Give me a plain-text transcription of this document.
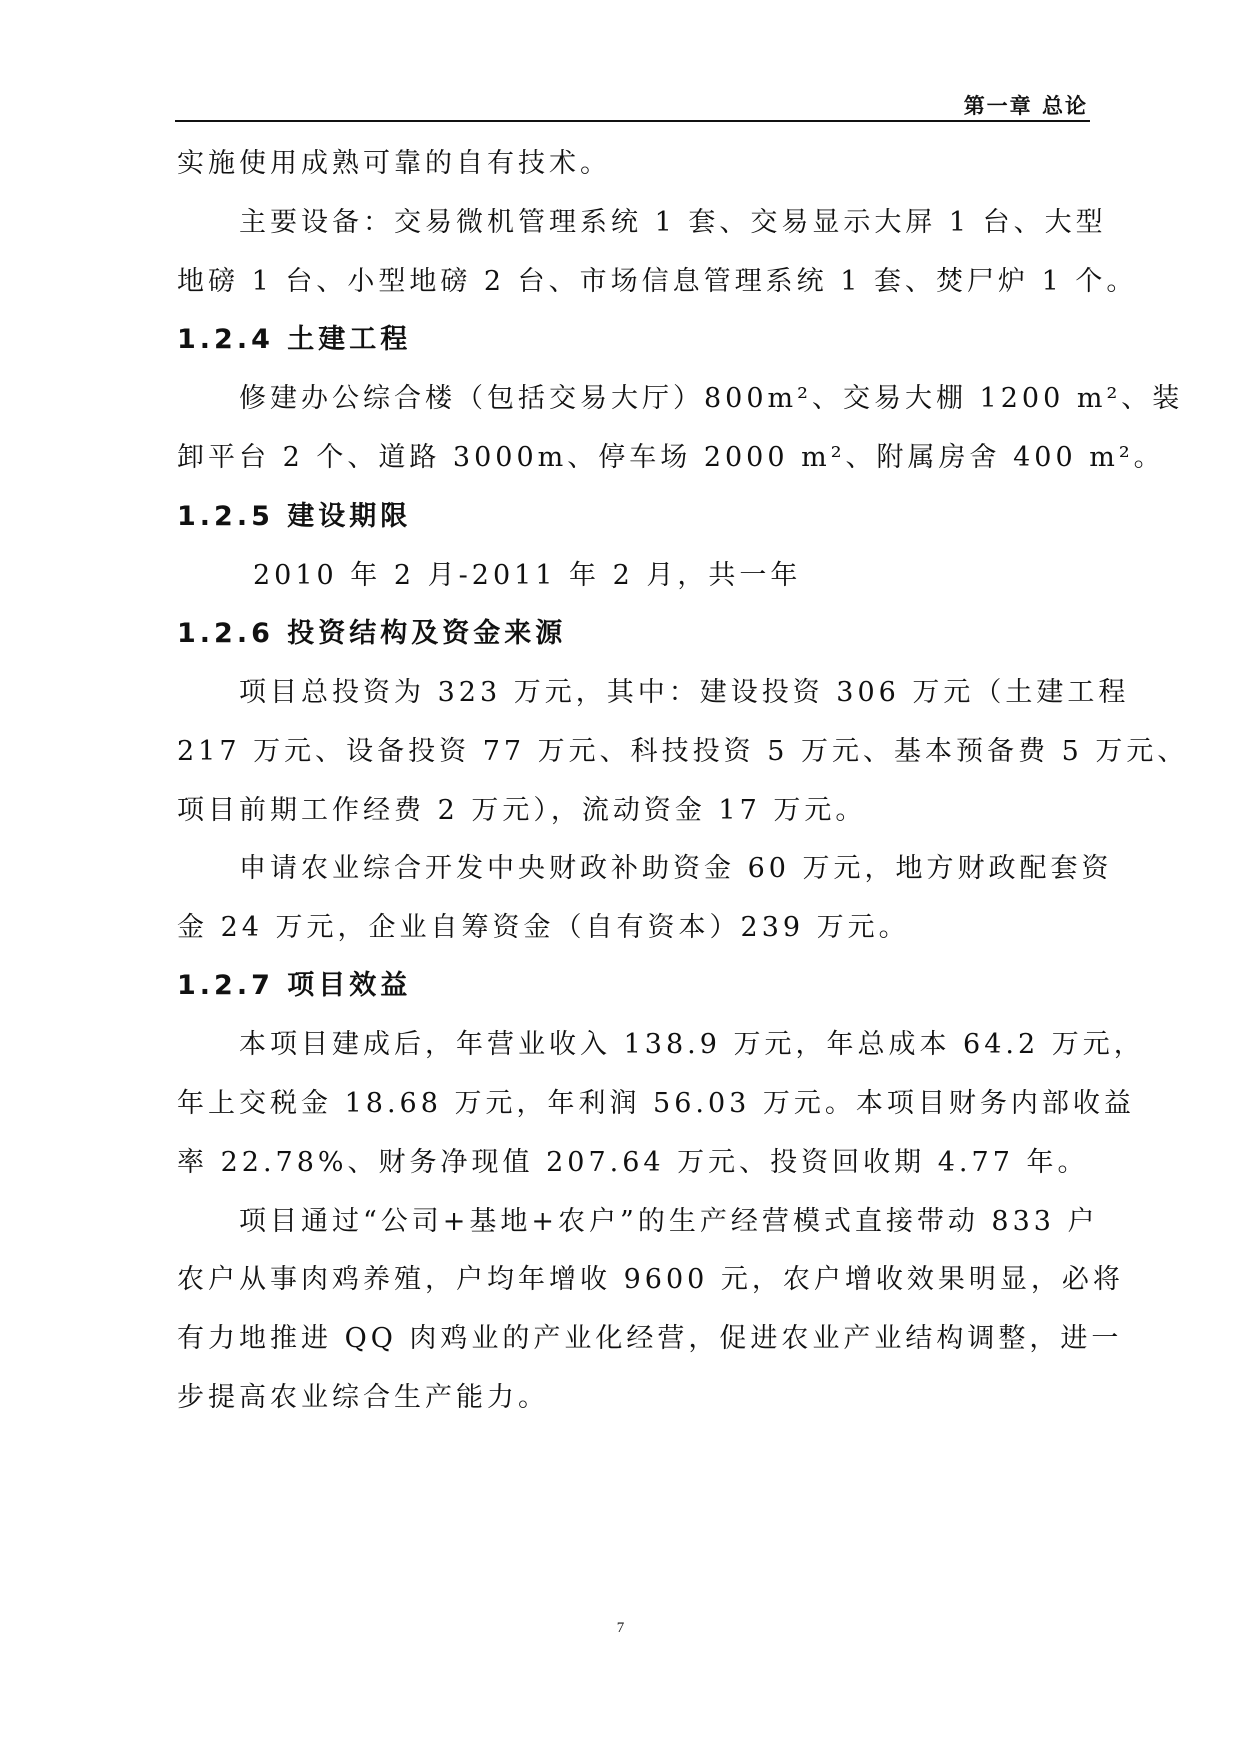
第一章 总论
实施使用成熟可靠的自有技术。
主要设备：交易微机管理系统 1 套、交易显示大屏 1 台、大型
地磅 1 台、小型地磅 2 台、市场信息管理系统 1 套、焚尸炉 1 个。
1.2.4 土建工程
修建办公综合楼（包括交易大厅）800m²、交易大棚 1200 m²、装
卸平台 2 个、道路 3000m、停车场 2000 m²、附属房舍 400 m²。
1.2.5 建设期限
2010 年 2 月-2011 年 2 月，共一年
1.2.6 投资结构及资金来源
项目总投资为 323 万元，其中：建设投资 306 万元（土建工程
217 万元、设备投资 77 万元、科技投资 5 万元、基本预备费 5 万元、
项目前期工作经费 2 万元），流动资金 17 万元。
申请农业综合开发中央财政补助资金 60 万元，地方财政配套资
金 24 万元，企业自筹资金（自有资本）239 万元。
1.2.7 项目效益
本项目建成后，年营业收入 138.9 万元，年总成本 64.2 万元，
年上交税金 18.68 万元，年利润 56.03 万元。本项目财务内部收益
率 22.78%、财务净现值 207.64 万元、投资回收期 4.77 年。
项目通过“公司+基地+农户”的生产经营模式直接带动 833 户
农户从事肉鸡养殖，户均年增收 9600 元，农户增收效果明显，必将
有力地推进 QQ 肉鸡业的产业化经营，促进农业产业结构调整，进一
步提高农业综合生产能力。
7
